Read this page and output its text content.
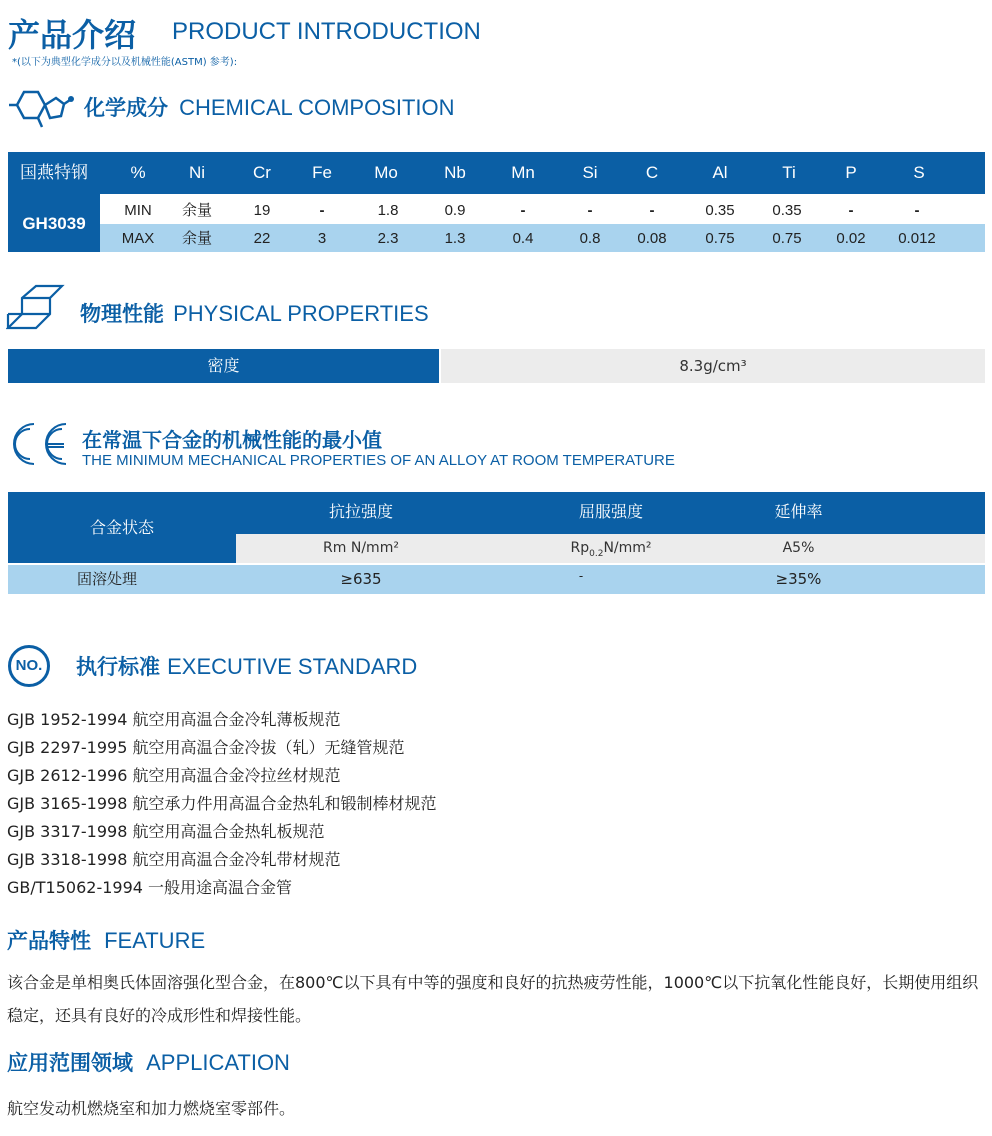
产品介绍 PRODUCT INTRODUCTION
*(以下为典型化学成分以及机械性能(ASTM) 参考):
化学成分 CHEMICAL COMPOSITION
国燕特钢	%	Ni	Cr	Fe	Mo	Nb	Mn	Si	C	Al	Ti	P	S
MIN	余量	19	-	1.8	0.9	-	-	-	0.35	0.35	-	-
MAX	余量	22	3	2.3	1.3	0.4	0.8	0.08	0.75	0.75	0.02	0.012
GH3039
物理性能 PHYSICAL PROPERTIES
密度	8.3g/cm³
在常温下合金的机械性能的最小值
THE MINIMUM MECHANICAL PROPERTIES OF AN ALLOY AT ROOM TEMPERATURE
合金状态
抗拉强度	屈服强度	延伸率
Rm N/mm²	$Rp_{0.2}N$/mm²	A5%
固溶处理	≥635	-	≥35%
NO.	执行标准 EXECUTIVE STANDARD
GJB 1952-1994 航空用高温合金冷轧薄板规范
GJB 2297-1995 航空用高温合金冷拔（轧）无缝管规范
GJB 2612-1996 航空用高温合金冷拉丝材规范
GJB 3165-1998 航空承力件用高温合金热轧和锻制棒材规范
GJB 3317-1998 航空用高温合金热轧板规范
GJB 3318-1998 航空用高温合金冷轧带材规范
GB/T15062-1994 一般用途高温合金管
产品特性 FEATURE
该合金是单相奥氏体固溶强化型合金，在800℃以下具有中等的强度和良好的抗热疲劳性能，1000℃以下抗氧化性能良好，长期使用组织稳定，还具有良好的冷成形性和焊接性能。
应用范围领域 APPLICATION
航空发动机燃烧室和加力燃烧室零部件。
